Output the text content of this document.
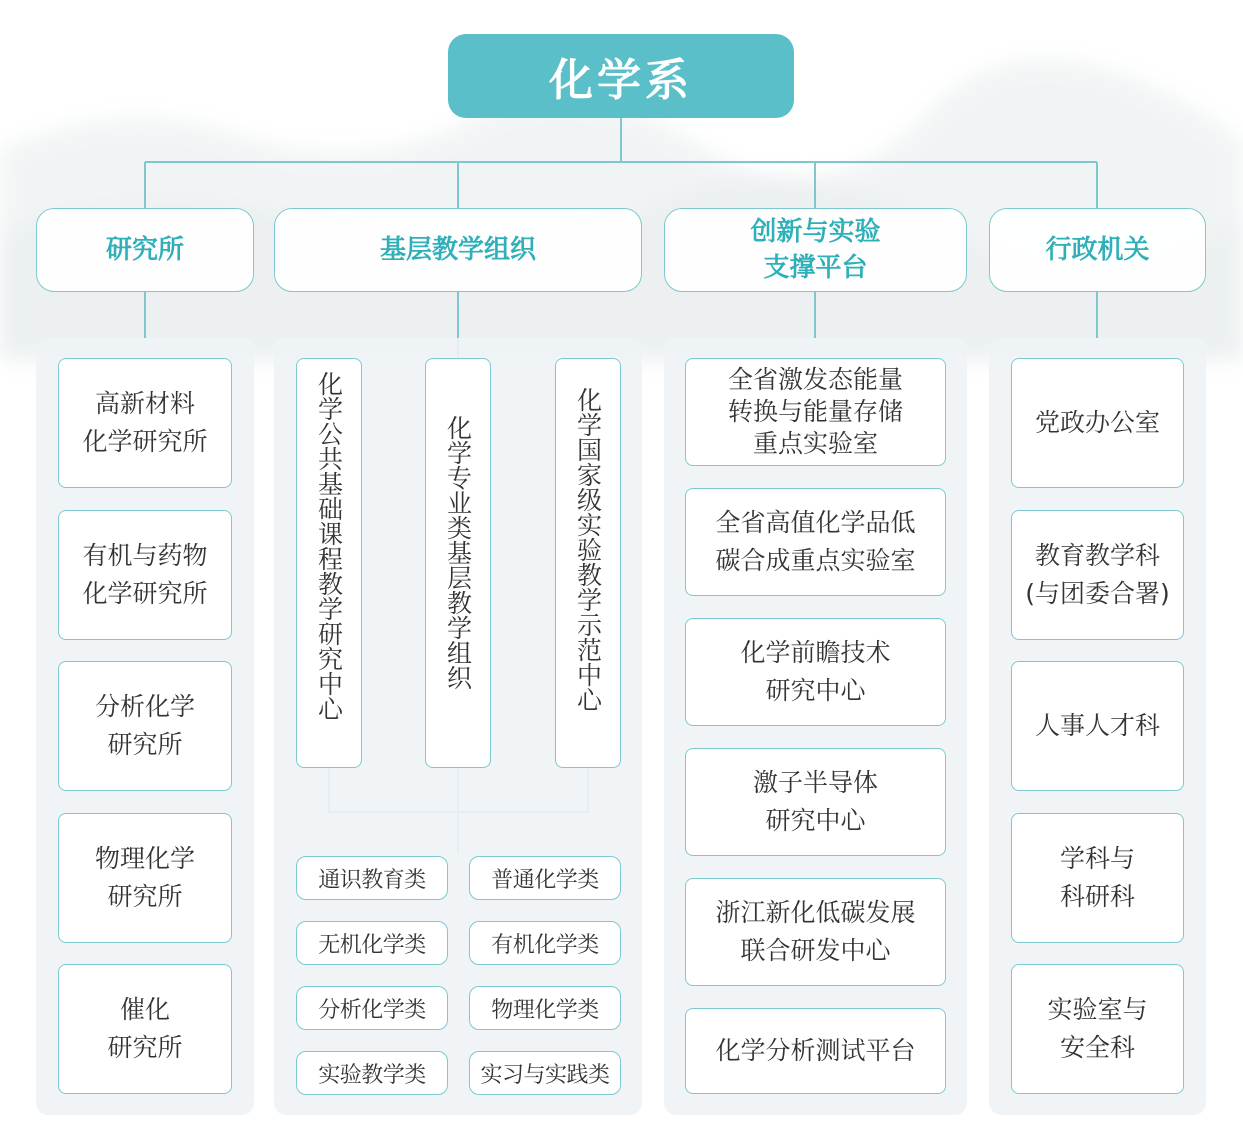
化学系
研究所	基层教学组织
创新与实验
支撑平台
行政机关
高新材料
化学研究所
有机与药物
化学研究所
分析化学
研究所
物理化学
研究所
催化
研究所
化学公共基础课程教学研究中心	化学专业类基层教学组织	化学国家级实验教学示范中心
通识教育类	普通化学类
无机化学类	有机化学类
分析化学类	物理化学类
实验教学类	实习与实践类
全省激发态能量
转换与能量存储
重点实验室
全省高值化学品低
碳合成重点实验室
化学前瞻技术
研究中心
激子半导体
研究中心
浙江新化低碳发展
联合研发中心
化学分析测试平台
党政办公室
教育教学科
(与团委合署)
人事人才科
学科与
科研科
实验室与
安全科
